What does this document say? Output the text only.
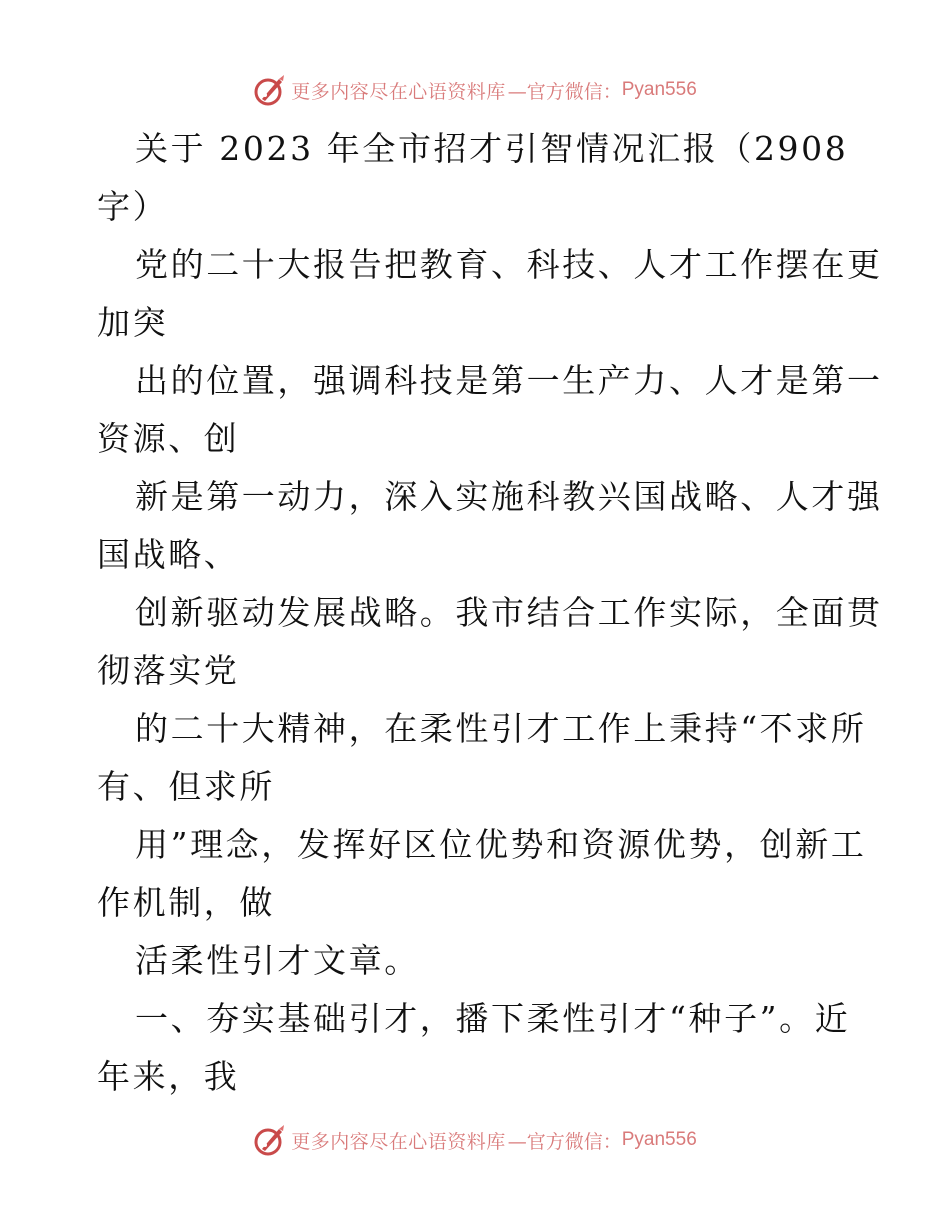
更多内容尽在心语资料库 —官方微信： Pyan556
关于 2023 年全市招才引智情况汇报（2908
字）
党的二十大报告把教育、科技、人才工作摆在更
加突
出的位置，强调科技是第一生产力、人才是第一
资源、创
新是第一动力，深入实施科教兴国战略、人才强
国战略、
创新驱动发展战略。我市结合工作实际，全面贯
彻落实党
的二十大精神，在柔性引才工作上秉持“不求所
有、但求所
用”理念，发挥好区位优势和资源优势，创新工
作机制，做
活柔性引才文章。
一、夯实基础引才，播下柔性引才“种子”。近
年来，我
更多内容尽在心语资料库 —官方微信： Pyan556
